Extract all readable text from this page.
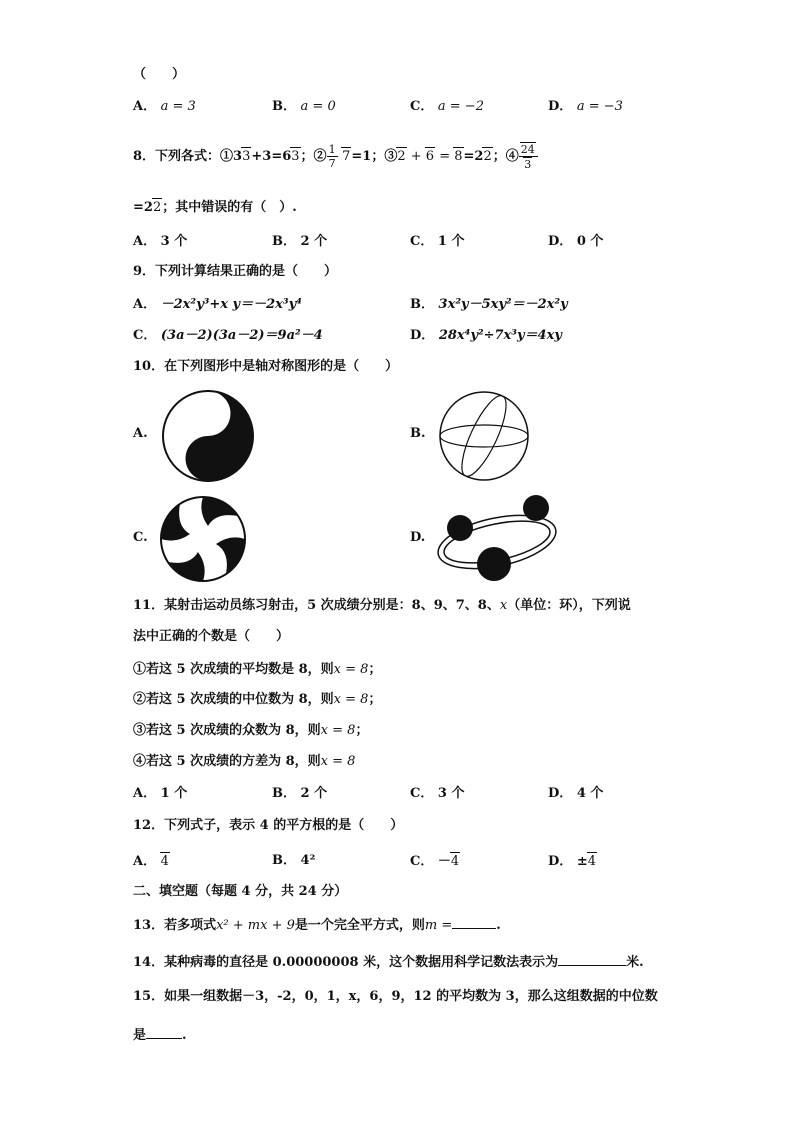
（　　）
A． a = 3	B． a = 0	C． a = −2	D． a = −3
8．下列各式：①33+3=63；② $\frac{1}{7} 7=1$；③2 + 6 = 8=22；④ $\frac{24}{3}$
=22；其中错误的有（　）.
A． 3 个	B． 2 个	C． 1 个	D． 0 个
9．下列计算结果正确的是（　　）
A． －2x²y³+x y＝－2x³y⁴	B． 3x²y－5xy²＝－2x²y
C． (3a－2)(3a－2)＝9a²－4	D． 28x⁴y²÷7x³y＝4xy
10．在下列图形中是轴对称图形的是（　　）
A.	B.
C.	D.
11．某射击运动员练习射击，5 次成绩分别是：8、9、7、8、x（单位：环），下列说
法中正确的个数是（　　）
①若这 5 次成绩的平均数是 8，则x = 8；
②若这 5 次成绩的中位数为 8，则x = 8；
③若这 5 次成绩的众数为 8，则x = 8；
④若这 5 次成绩的方差为 8，则x = 8
A． 1 个	B． 2 个	C． 3 个	D． 4 个
12．下列式子，表示 4 的平方根的是（　　）
A． 4	B． 4²	C． －4	D． ±4
二、填空题（每题 4 分，共 24 分）
13．若多项式x² + mx + 9是一个完全平方式，则m =	.
14．某种病毒的直径是 0.00000008 米，这个数据用科学记数法表示为	米.
15．如果一组数据－3，-2，0，1，x，6，9，12 的平均数为 3，那么这组数据的中位数
是	.
